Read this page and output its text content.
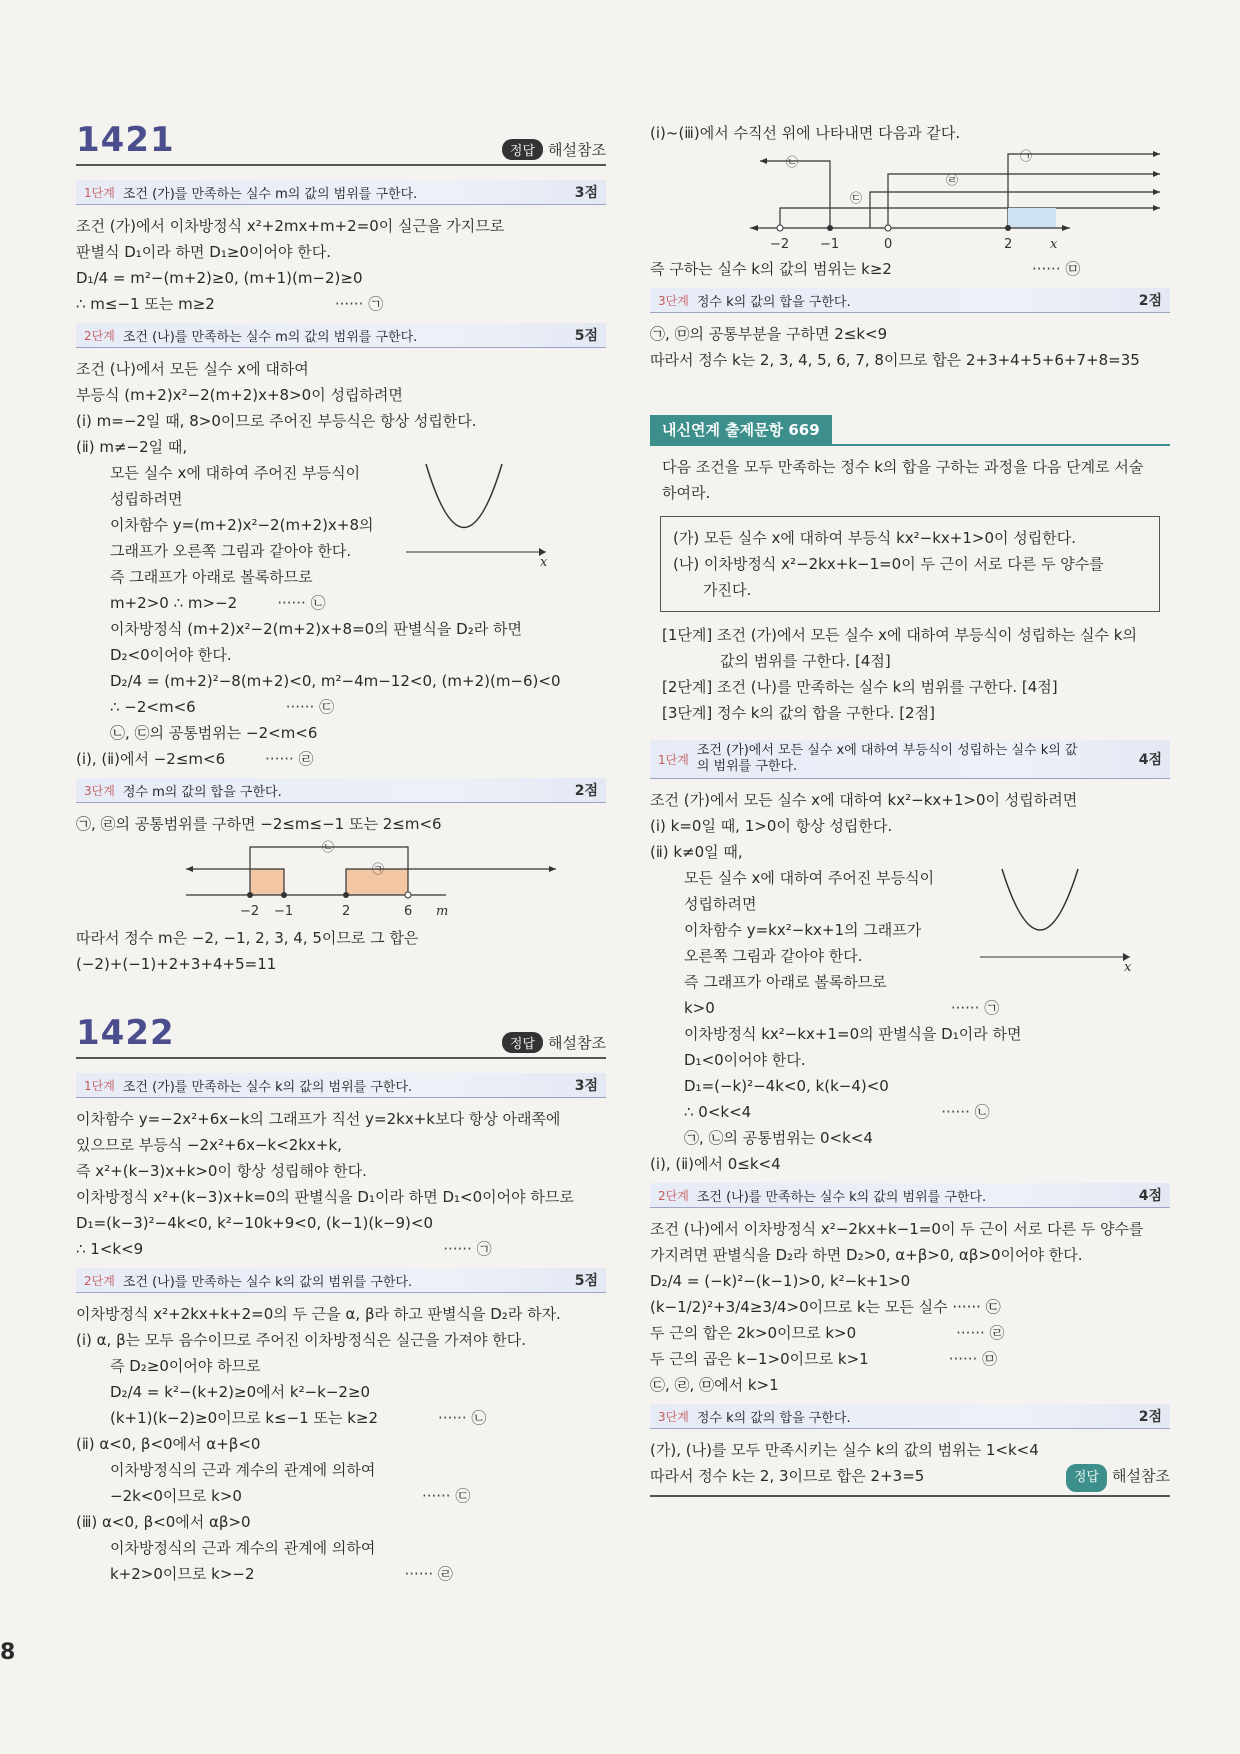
1421	정답 해설참조
1단계 조건 (가)를 만족하는 실수 m의 값의 범위를 구한다.	3점

조건 (가)에서 이차방정식 x²+2mx+m+2=0이 실근을 가지므로

판별식 D₁이라 하면 D₁≥0이어야 한다.

D₁/4 = m²−(m+2)≥0, (m+1)(m−2)≥0

∴ m≤−1 또는 m≥2	······ ㉠

2단계 조건 (나)를 만족하는 실수 m의 값의 범위를 구한다.	5점

조건 (나)에서 모든 실수 x에 대하여

부등식 (m+2)x²−2(m+2)x+8>0이 성립하려면

(ⅰ) m=−2일 때, 8>0이므로 주어진 부등식은 항상 성립한다.

(ⅱ) m≠−2일 때,

x

모든 실수 x에 대하여 주어진 부등식이

성립하려면

이차함수 y=(m+2)x²−2(m+2)x+8의

그래프가 오른쪽 그림과 같아야 한다.

즉 그래프가 아래로 볼록하므로

m+2>0 ∴ m>−2	······ ㉡

이차방정식 (m+2)x²−2(m+2)x+8=0의 판별식을 D₂라 하면

D₂<0이어야 한다.

D₂/4 = (m+2)²−8(m+2)<0, m²−4m−12<0, (m+2)(m−6)<0

∴ −2<m<6	······ ㉢

㉡, ㉢의 공통범위는 −2<m<6

(ⅰ), (ⅱ)에서 −2≤m<6	······ ㉣

3단계 정수 m의 값의 합을 구한다.	2점

㉠, ㉣의 공통범위를 구하면 −2≤m≤−1 또는 2≤m<6

㉡
㉠
−2 −1	2	6 m

따라서 정수 m은 −2, −1, 2, 3, 4, 5이므로 그 합은

(−2)+(−1)+2+3+4+5=11

1422	정답 해설참조
1단계 조건 (가)를 만족하는 실수 k의 값의 범위를 구한다.	3점

이차함수 y=−2x²+6x−k의 그래프가 직선 y=2kx+k보다 항상 아래쪽에

있으므로 부등식 −2x²+6x−k<2kx+k,

즉 x²+(k−3)x+k>0이 항상 성립해야 한다.

이차방정식 x²+(k−3)x+k=0의 판별식을 D₁이라 하면 D₁<0이어야 하므로

D₁=(k−3)²−4k<0, k²−10k+9<0, (k−1)(k−9)<0

∴ 1<k<9	······ ㉠

2단계 조건 (나)를 만족하는 실수 k의 값의 범위를 구한다.	5점

이차방정식 x²+2kx+k+2=0의 두 근을 α, β라 하고 판별식을 D₂라 하자.

(ⅰ) α, β는 모두 음수이므로 주어진 이차방정식은 실근을 가져야 한다.

즉 D₂≥0이어야 하므로

D₂/4 = k²−(k+2)≥0에서 k²−k−2≥0

(k+1)(k−2)≥0이므로 k≤−1 또는 k≥2	······ ㉡

(ⅱ) α<0, β<0에서 α+β<0

이차방정식의 근과 계수의 관계에 의하여

−2k<0이므로 k>0	······ ㉢

(ⅲ) α<0, β<0에서 αβ>0

이차방정식의 근과 계수의 관계에 의하여

k+2>0이므로 k>−2	······ ㉣

8

(ⅰ)~(ⅲ)에서 수직선 위에 나타내면 다음과 같다.

㉡
㉢
㉣
㉠
−2 −1	0	2	x

즉 구하는 실수 k의 값의 범위는 k≥2	······ ㉤

3단계 정수 k의 값의 합을 구한다.	2점

㉠, ㉤의 공통부분을 구하면 2≤k<9

따라서 정수 k는 2, 3, 4, 5, 6, 7, 8이므로 합은 2+3+4+5+6+7+8=35

내신연계 출제문항 669

다음 조건을 모두 만족하는 정수 k의 합을 구하는 과정을 다음 단계로 서술

하여라.

(가) 모든 실수 x에 대하여 부등식 kx²−kx+1>0이 성립한다.

(나) 이차방정식 x²−2kx+k−1=0이 두 근이 서로 다른 두 양수를

가진다.

[1단계] 조건 (가)에서 모든 실수 x에 대하여 부등식이 성립하는 실수 k의

값의 범위를 구한다. [4점]

[2단계] 조건 (나)를 만족하는 실수 k의 범위를 구한다. [4점]

[3단계] 정수 k의 값의 합을 구한다. [2점]

1단계
조건 (가)에서 모든 실수 x에 대하여 부등식이 성립하는 실수 k의 값
의 범위를 구한다.	4점

조건 (가)에서 모든 실수 x에 대하여 kx²−kx+1>0이 성립하려면

(ⅰ) k=0일 때, 1>0이 항상 성립한다.

(ⅱ) k≠0일 때,

x

모든 실수 x에 대하여 주어진 부등식이

성립하려면

이차함수 y=kx²−kx+1의 그래프가

오른쪽 그림과 같아야 한다.

즉 그래프가 아래로 볼록하므로

k>0	······ ㉠

이차방정식 kx²−kx+1=0의 판별식을 D₁이라 하면

D₁<0이어야 한다.

D₁=(−k)²−4k<0, k(k−4)<0

∴ 0<k<4	······ ㉡

㉠, ㉡의 공통범위는 0<k<4

(ⅰ), (ⅱ)에서 0≤k<4

2단계 조건 (나)를 만족하는 실수 k의 값의 범위를 구한다.	4점

조건 (나)에서 이차방정식 x²−2kx+k−1=0이 두 근이 서로 다른 두 양수를

가지려면 판별식을 D₂라 하면 D₂>0, α+β>0, αβ>0이어야 한다.

D₂/4 = (−k)²−(k−1)>0, k²−k+1>0

(k−1/2)²+3/4≥3/4>0이므로 k는 모든 실수 ······ ㉢

두 근의 합은 2k>0이므로 k>0	······ ㉣

두 근의 곱은 k−1>0이므로 k>1	······ ㉤

㉢, ㉣, ㉤에서 k>1

3단계 정수 k의 값의 합을 구한다.	2점

(가), (나)를 모두 만족시키는 실수 k의 값의 범위는 1<k<4

따라서 정수 k는 2, 3이므로 합은 2+3=5	정답 해설참조
